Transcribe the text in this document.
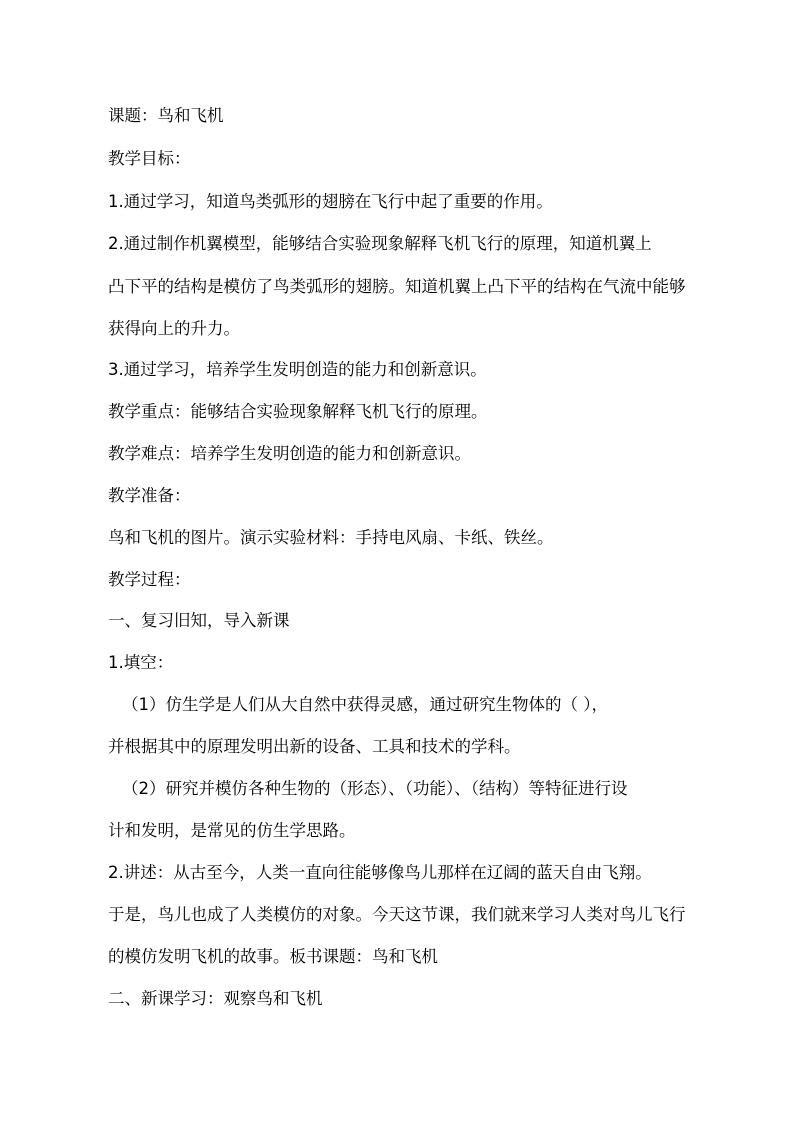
课题：鸟和飞机
教学目标：
1.通过学习，知道鸟类弧形的翅膀在飞行中起了重要的作用。
2.通过制作机翼模型，能够结合实验现象解释飞机飞行的原理，知道机翼上
凸下平的结构是模仿了鸟类弧形的翅膀。知道机翼上凸下平的结构在气流中能够
获得向上的升力。
3.通过学习，培养学生发明创造的能力和创新意识。
教学重点：能够结合实验现象解释飞机飞行的原理。
教学难点：培养学生发明创造的能力和创新意识。
教学准备：
鸟和飞机的图片。演示实验材料：手持电风扇、卡纸、铁丝。
教学过程：
一、复习旧知，导入新课
1.填空：
（1）仿生学是人们从大自然中获得灵感，通过研究生物体的（ ），
并根据其中的原理发明出新的设备、工具和技术的学科。
（2）研究并模仿各种生物的（形态）、（功能）、（结构）等特征进行设
计和发明，是常见的仿生学思路。
2.讲述：从古至今，人类一直向往能够像鸟儿那样在辽阔的蓝天自由飞翔。
于是，鸟儿也成了人类模仿的对象。今天这节课，我们就来学习人类对鸟儿飞行
的模仿发明飞机的故事。板书课题：鸟和飞机
二、新课学习：观察鸟和飞机
